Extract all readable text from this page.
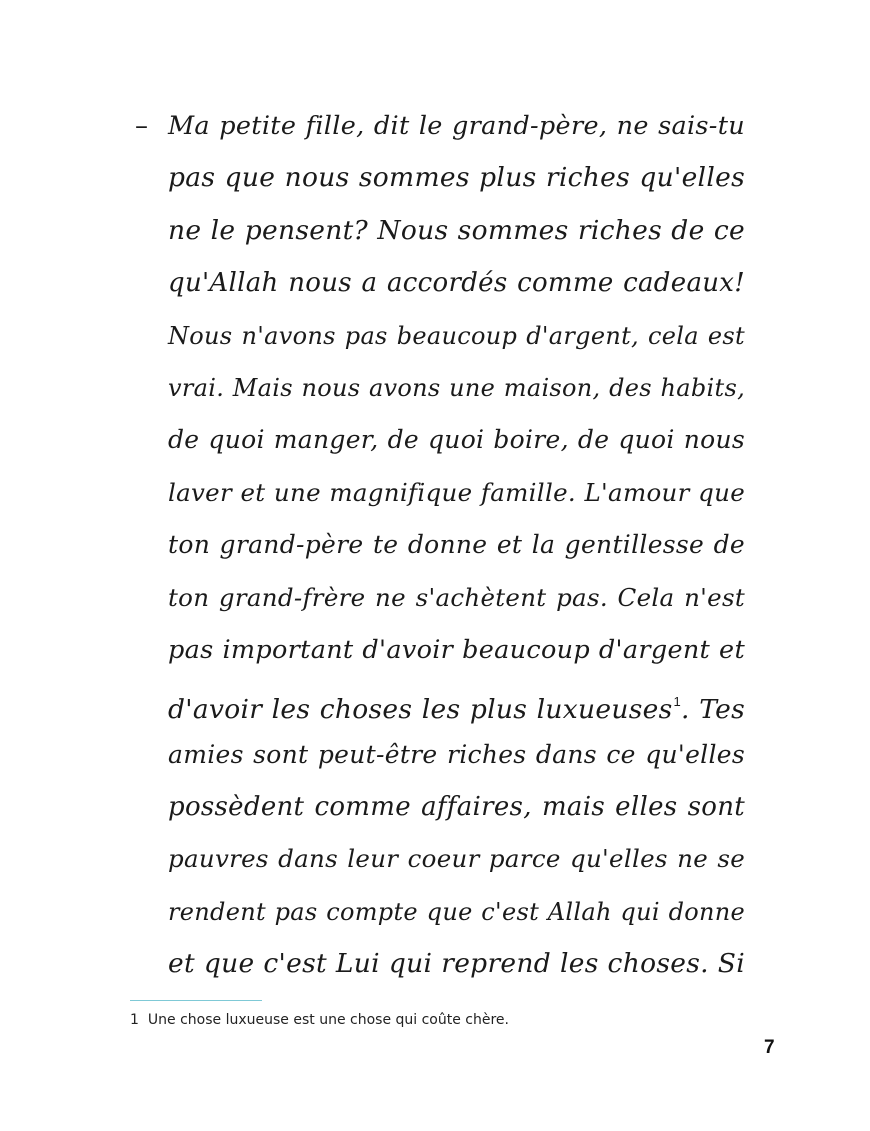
– Ma petite fille, dit le grand-père, ne sais-tu
pas que nous sommes plus riches qu'elles
ne le pensent? Nous sommes riches de ce
qu'Allah nous a accordés comme cadeaux!
Nous n'avons pas beaucoup d'argent, cela est
vrai. Mais nous avons une maison, des habits,
de quoi manger, de quoi boire, de quoi nous
laver et une magnifique famille. L'amour que
ton grand-père te donne et la gentillesse de
ton grand-frère ne s'achètent pas. Cela n'est
pas important d'avoir beaucoup d'argent et
d'avoir les choses les plus luxueuses$^1$. Tes
amies sont peut-être riches dans ce qu'elles
possèdent comme affaires, mais elles sont
pauvres dans leur coeur parce qu'elles ne se
rendent pas compte que c'est Allah qui donne
et que c'est Lui qui reprend les choses. Si
1 Une chose luxueuse est une chose qui coûte chère.
7
